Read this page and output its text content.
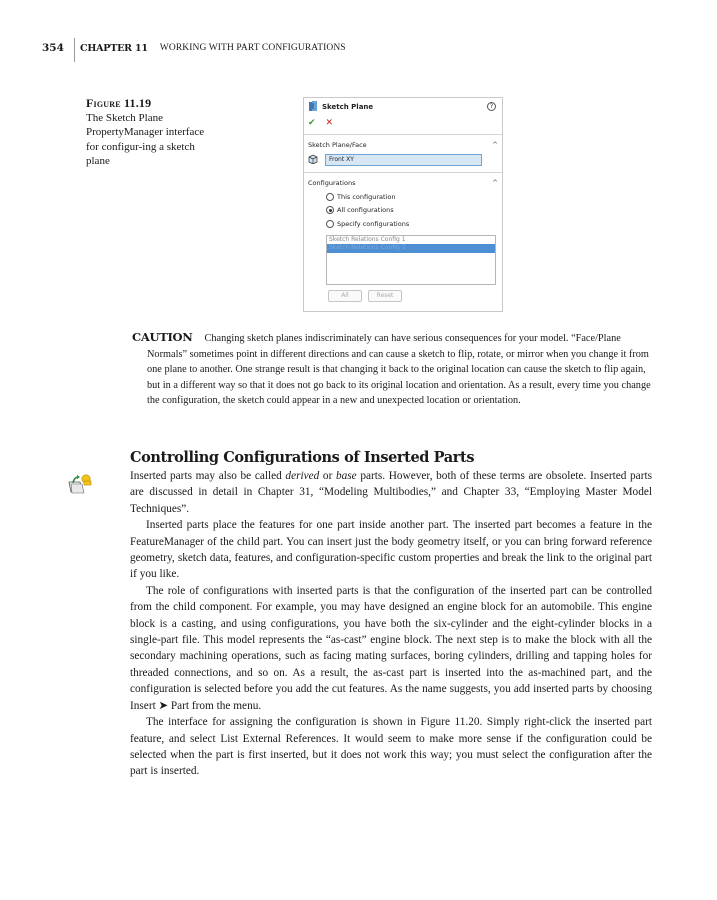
354	CHAPTER 11 WORKING WITH PART CONFIGURATIONS
Figure 11.19
The Sketch Plane PropertyManager interface for configur-ing a sketch plane
Sketch Plane	?
✔ ✕
Sketch Plane/Face	^
Front XY
Configurations	^
This configuration
All configurations
Specify configurations
Sketch Relations Config 1
Sketch Relations Config 2
All	Reset
CAUTION Changing sketch planes indiscriminately can have serious consequences for your model. “Face/Plane Normals” sometimes point in different directions and can cause a sketch to flip, rotate, or mirror when you change it from one plane to another. One strange result is that changing it back to the original location can cause the sketch to flip again, but in a different way so that it does not go back to its original location and orientation. As a result, every time you change the configuration, the sketch could appear in a new and unexpected location or orientation.
Controlling Configurations of Inserted Parts

Inserted parts may also be called derived or base parts. However, both of these terms are obsolete. Inserted parts are discussed in detail in Chapter 31, “Modeling Multibodies,” and Chapter 33, “Employing Master Model Techniques”.

Inserted parts place the features for one part inside another part. The inserted part becomes a feature in the FeatureManager of the child part. You can insert just the body geometry itself, or you can bring forward reference geometry, sketch data, features, and configuration-specific custom properties and break the link to the original part if you like.

The role of configurations with inserted parts is that the configuration of the inserted part can be controlled from the child component. For example, you may have designed an engine block for an automobile. This engine block is a casting, and using configurations, you have both the six-cylinder and the eight-cylinder blocks in a single-part file. This model represents the “as-cast” engine block. The next step is to make the block with all the secondary machining operations, such as facing mating surfaces, boring cylinders, drilling and tapping holes for threaded connections, and so on. As a result, the as-cast part is inserted into the as-machined part, and the configuration is selected before you add the cut features. As the name suggests, you add inserted parts by choosing Insert ➤ Part from the menu.

The interface for assigning the configuration is shown in Figure 11.20. Simply right-click the inserted part feature, and select List External References. It would seem to make more sense if the configuration could be selected when the part is first inserted, but it does not work this way; you must select the configuration after the part is inserted.
